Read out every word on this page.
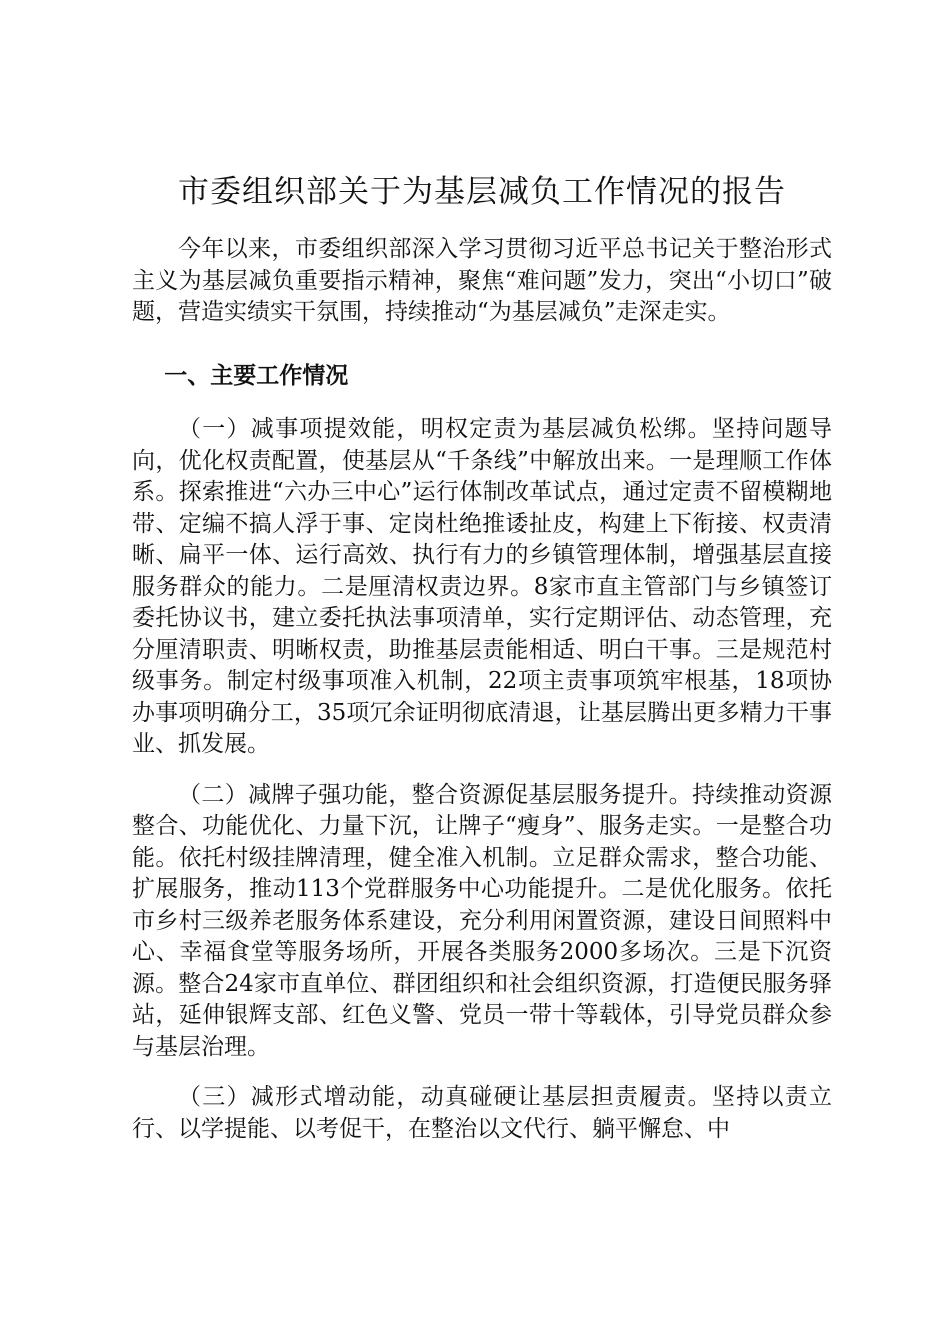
市委组织部关于为基层减负工作情况的报告

今年以来，市委组织部深入学习贯彻习近平总书记关于整治形式主义为基层减负重要指示精神，聚焦“难问题”发力，突出“小切口”破题，营造实绩实干氛围，持续推动“为基层减负”走深走实。

一、主要工作情况

（一）减事项提效能，明权定责为基层减负松绑。坚持问题导向，优化权责配置，使基层从“千条线”中解放出来。一是理顺工作体系。探索推进“六办三中心”运行体制改革试点，通过定责不留模糊地带、定编不搞人浮于事、定岗杜绝推诿扯皮，构建上下衔接、权责清晰、扁平一体、运行高效、执行有力的乡镇管理体制，增强基层直接服务群众的能力。二是厘清权责边界。8家市直主管部门与乡镇签订委托协议书，建立委托执法事项清单，实行定期评估、动态管理，充分厘清职责、明晰权责，助推基层责能相适、明白干事。三是规范村级事务。制定村级事项准入机制，22项主责事项筑牢根基，18项协办事项明确分工，35项冗余证明彻底清退，让基层腾出更多精力干事业、抓发展。

（二）减牌子强功能，整合资源促基层服务提升。持续推动资源整合、功能优化、力量下沉，让牌子“瘦身”、服务走实。一是整合功能。依托村级挂牌清理，健全准入机制。立足群众需求，整合功能、扩展服务，推动113个党群服务中心功能提升。二是优化服务。依托市乡村三级养老服务体系建设，充分利用闲置资源，建设日间照料中心、幸福食堂等服务场所，开展各类服务2000多场次。三是下沉资源。整合24家市直单位、群团组织和社会组织资源，打造便民服务驿站，延伸银辉支部、红色义警、党员一带十等载体，引导党员群众参与基层治理。

（三）减形式增动能，动真碰硬让基层担责履责。坚持以责立行、以学提能、以考促干，在整治以文代行、躺平懈怠、中
